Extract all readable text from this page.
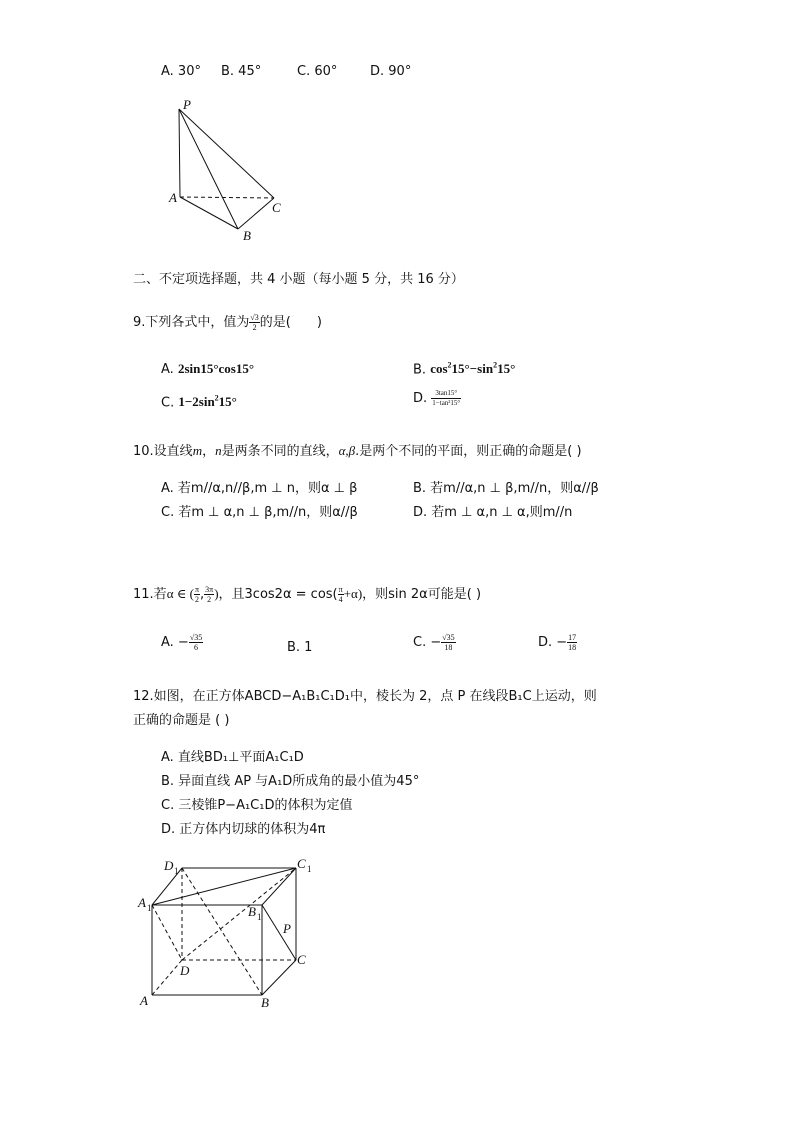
A. 30° B. 45°	C. 60°	D. 90°
P
A
B
C
二、不定项选择题，共 4 小题（每小题 5 分，共 16 分）
9.下列各式中，值为 $\frac{√3}{2}$ 的是(　　)
A. 2sin15°cos15°	B. $\cos^215^\circ-\sin^215^\circ$
C. $1-2\sin^215^\circ$	D. $\frac{3\tan 15^\circ}{\text{1−tan²15°}}$
10.设直线m，n是两条不同的直线，α,β.是两个不同的平面，则正确的命题是( )
A. 若m//α,n//β,m ⊥ n，则α ⊥ β	B. 若m//α,n ⊥ β,m//n，则α//β
C. 若m ⊥ α,n ⊥ β,m//n，则α//β	D. 若m ⊥ α,n ⊥ α,则m//n
11.若α ∈ ( $\frac{\pi}{2}$ , $\frac{3\pi}{2}$ )，且$3\cos 2\alpha = \cos( \frac{\pi}{4} +\alpha)$，则sin 2α可能是( )
A. − $\frac{√35}{6}$	B. 1	C. − $\frac{√35}{18}$	D. − $\frac{17}{18}$
12.如图，在正方体ABCD−A₁B₁C₁D₁中，棱长为 2，点 P 在线段B₁C上运动，则
正确的命题是 ( )
A. 直线BD₁⊥平面A₁C₁D
B. 异面直线 AP 与A₁D所成角的最小值为45°
C. 三棱锥P−A₁C₁D的体积为定值
D. 正方体内切球的体积为4π
D 1	C 1
A 1	B 1
P
D
C
A	B
